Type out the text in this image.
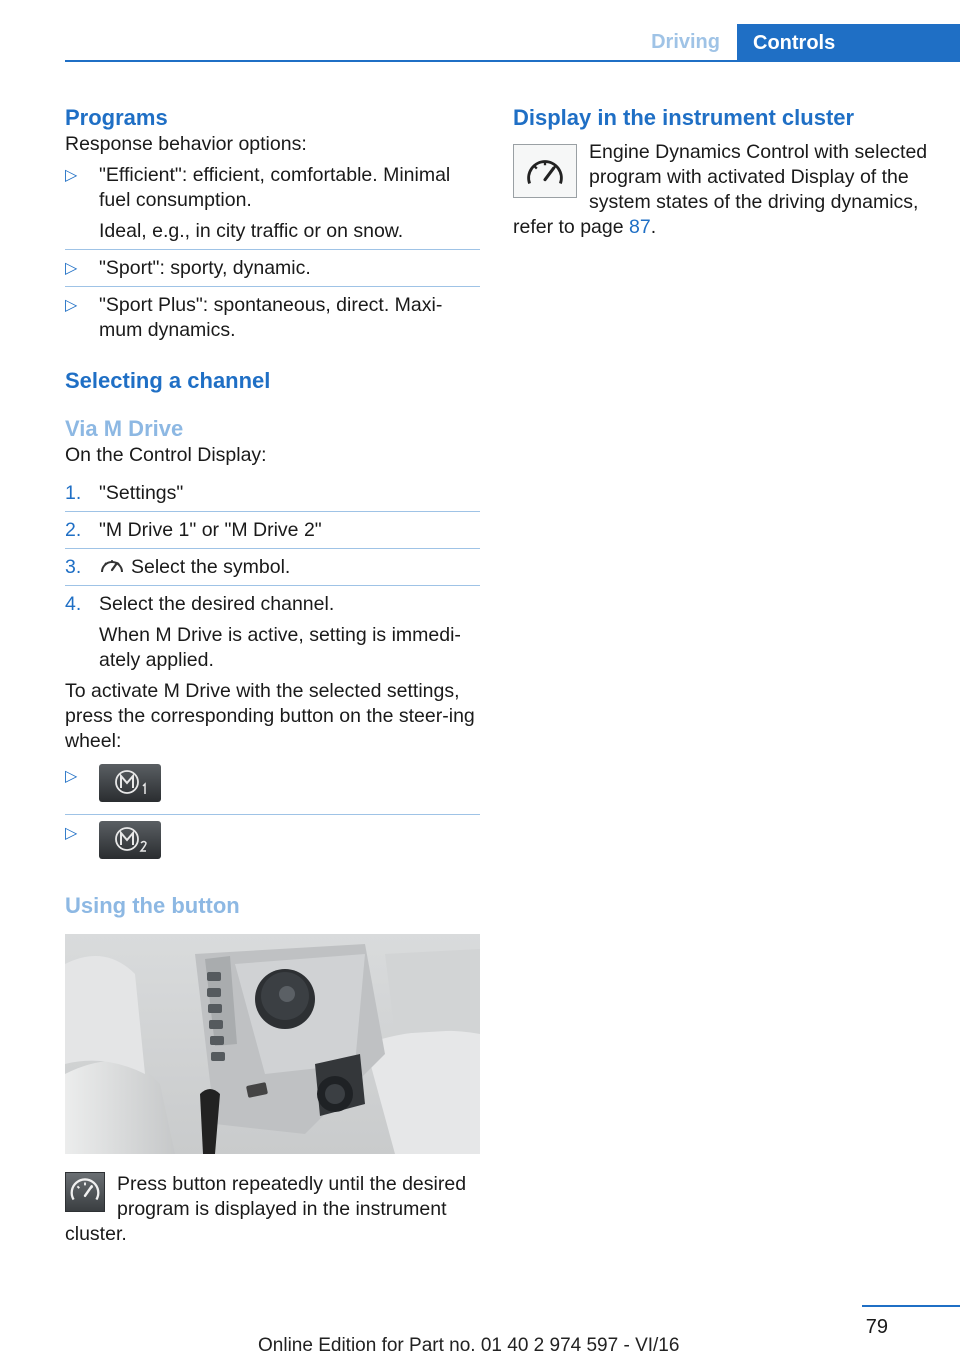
Driving	Controls
Programs

Response behavior options:

▷ "Efficient": efficient, comfortable. Minimal fuel consumption.

Ideal, e.g., in city traffic or on snow.

▷ "Sport": sporty, dynamic.

▷ "Sport Plus": spontaneous, direct. Maxi‐mum dynamics.

Selecting a channel
Via M Drive

On the Control Display:

1. "Settings"

2. "M Drive 1" or "M Drive 2"

3.	Select the symbol.

4. Select the desired channel.

When M Drive is active, setting is immedi‐ately applied.

To activate M Drive with the selected settings, press the corresponding button on the steer‐ing wheel:

▷
▷
Using the button

Press button repeatedly until the desired program is displayed in the instrument cluster.

Display in the instrument cluster

Engine Dynamics Control with selected program with activated Display of the system states of the driving dynamics, refer to page 87.

79
Online Edition for Part no. 01 40 2 974 597 - VI/16
